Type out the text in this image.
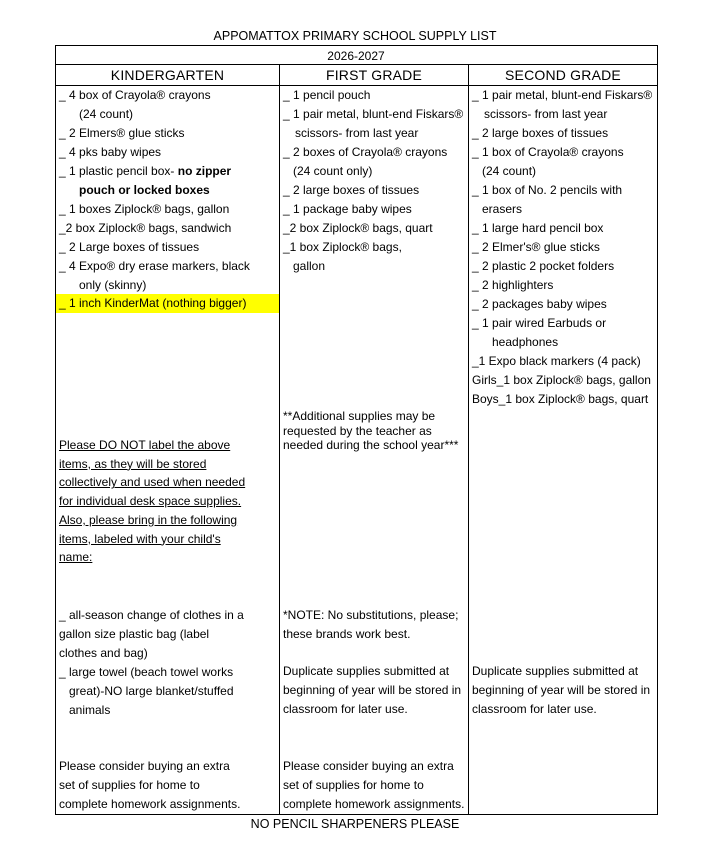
APPOMATTOX PRIMARY SCHOOL SUPPLY LIST
2026-2027
KINDERGARTEN	FIRST GRADE	SECOND GRADE
_ 4 box of Crayola® crayons
(24 count)
_ 2 Elmers® glue sticks
_ 4 pks baby wipes
_ 1 plastic pencil box- no zipper
pouch or locked boxes
_ 1 boxes Ziplock® bags, gallon
_2 box Ziplock® bags, sandwich
_ 2 Large boxes of tissues
_ 4 Expo® dry erase markers, black
only (skinny)
_ 1 inch KinderMat (nothing bigger)
Please DO NOT label the above
items, as they will be stored
collectively and used when needed
for individual desk space supplies.
Also, please bring in the following
items, labeled with your child's
name:
_ all-season change of clothes in a
gallon size plastic bag (label
clothes and bag)
_ large towel (beach towel works
great)-NO large blanket/stuffed
animals
Please consider buying an extra
set of supplies for home to
complete homework assignments.
_ 1 pencil pouch
_ 1 pair metal, blunt-end Fiskars®
scissors- from last year
_ 2 boxes of Crayola® crayons
(24 count only)
_ 2 large boxes of tissues
_ 1 package baby wipes
_2 box Ziplock® bags, quart
_1 box Ziplock® bags,
gallon
**Additional supplies may be
requested by the teacher as
needed during the school year***
*NOTE: No substitutions, please;
these brands work best.
Duplicate supplies submitted at
beginning of year will be stored in
classroom for later use.
Please consider buying an extra
set of supplies for home to
complete homework assignments.
_ 1 pair metal, blunt-end Fiskars®
scissors- from last year
_ 2 large boxes of tissues
_ 1 box of Crayola® crayons
(24 count)
_ 1 box of No. 2 pencils with
erasers
_ 1 large hard pencil box
_ 2 Elmer's® glue sticks
_ 2 plastic 2 pocket folders
_ 2 highlighters
_ 2 packages baby wipes
_ 1 pair wired Earbuds or
headphones
_1 Expo black markers (4 pack)
Girls_1 box Ziplock® bags, gallon
Boys_1 box Ziplock® bags, quart
Duplicate supplies submitted at
beginning of year will be stored in
classroom for later use.
NO PENCIL SHARPENERS PLEASE
